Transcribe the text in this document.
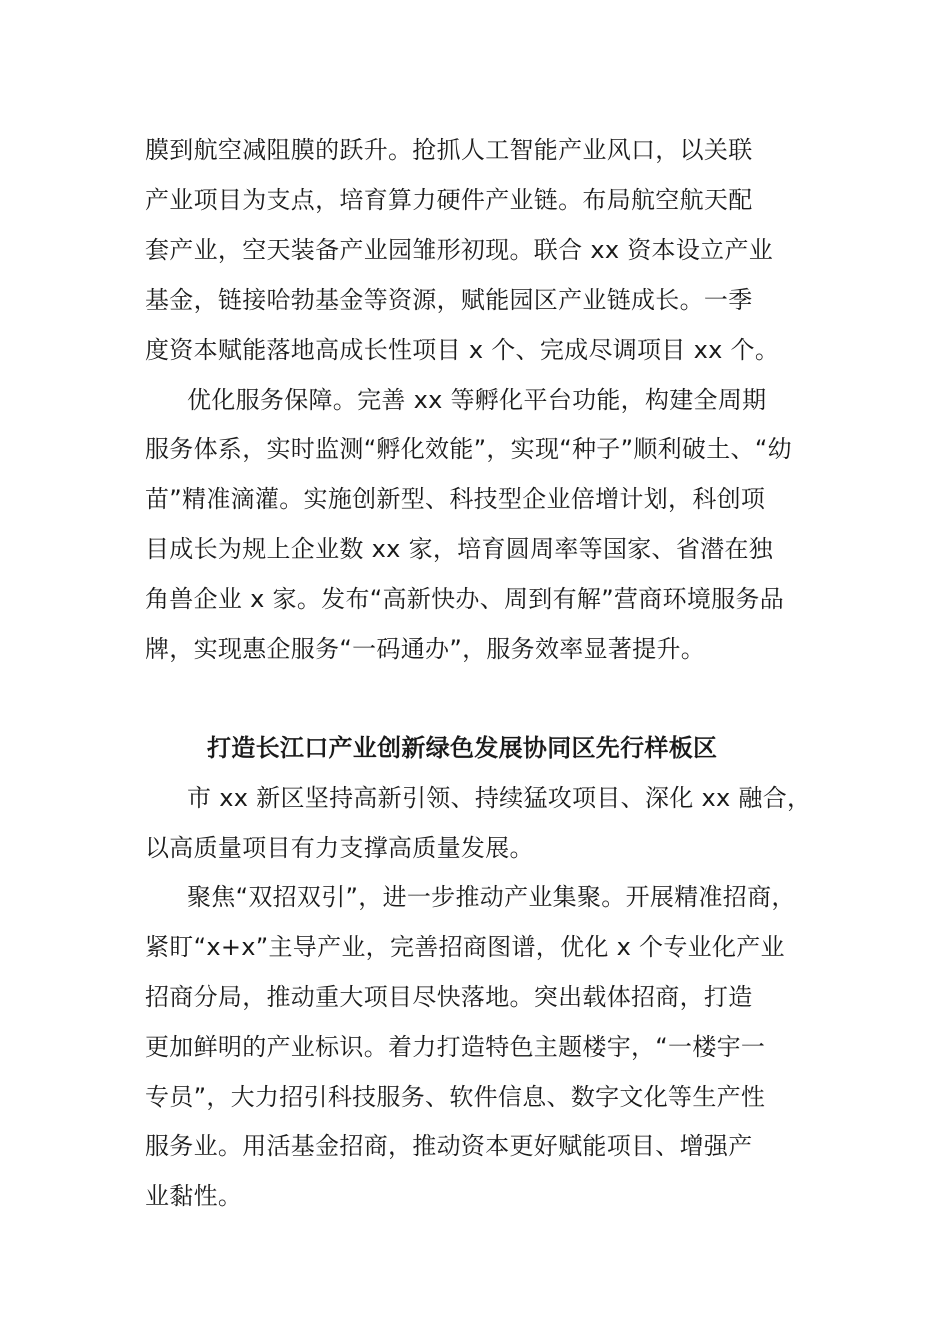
膜到航空减阻膜的跃升。抢抓人工智能产业风口，以关联
产业项目为支点，培育算力硬件产业链。布局航空航天配
套产业，空天装备产业园雏形初现。联合 xx 资本设立产业
基金，链接哈勃基金等资源，赋能园区产业链成长。一季
度资本赋能落地高成长性项目 x 个、完成尽调项目 xx 个。
优化服务保障。完善 xx 等孵化平台功能，构建全周期
服务体系，实时监测“孵化效能”，实现“种子”顺利破土、“幼
苗”精准滴灌。实施创新型、科技型企业倍增计划，科创项
目成长为规上企业数 xx 家，培育圆周率等国家、省潜在独
角兽企业 x 家。发布“高新快办、周到有解”营商环境服务品
牌，实现惠企服务“一码通办”，服务效率显著提升。
打造长江口产业创新绿色发展协同区先行样板区
市 xx 新区坚持高新引领、持续猛攻项目、深化 xx 融合，
以高质量项目有力支撑高质量发展。
聚焦“双招双引”，进一步推动产业集聚。开展精准招商，
紧盯“x+x”主导产业，完善招商图谱，优化 x 个专业化产业
招商分局，推动重大项目尽快落地。突出载体招商，打造
更加鲜明的产业标识。着力打造特色主题楼宇，“一楼宇一
专员”，大力招引科技服务、软件信息、数字文化等生产性
服务业。用活基金招商，推动资本更好赋能项目、增强产
业黏性。
